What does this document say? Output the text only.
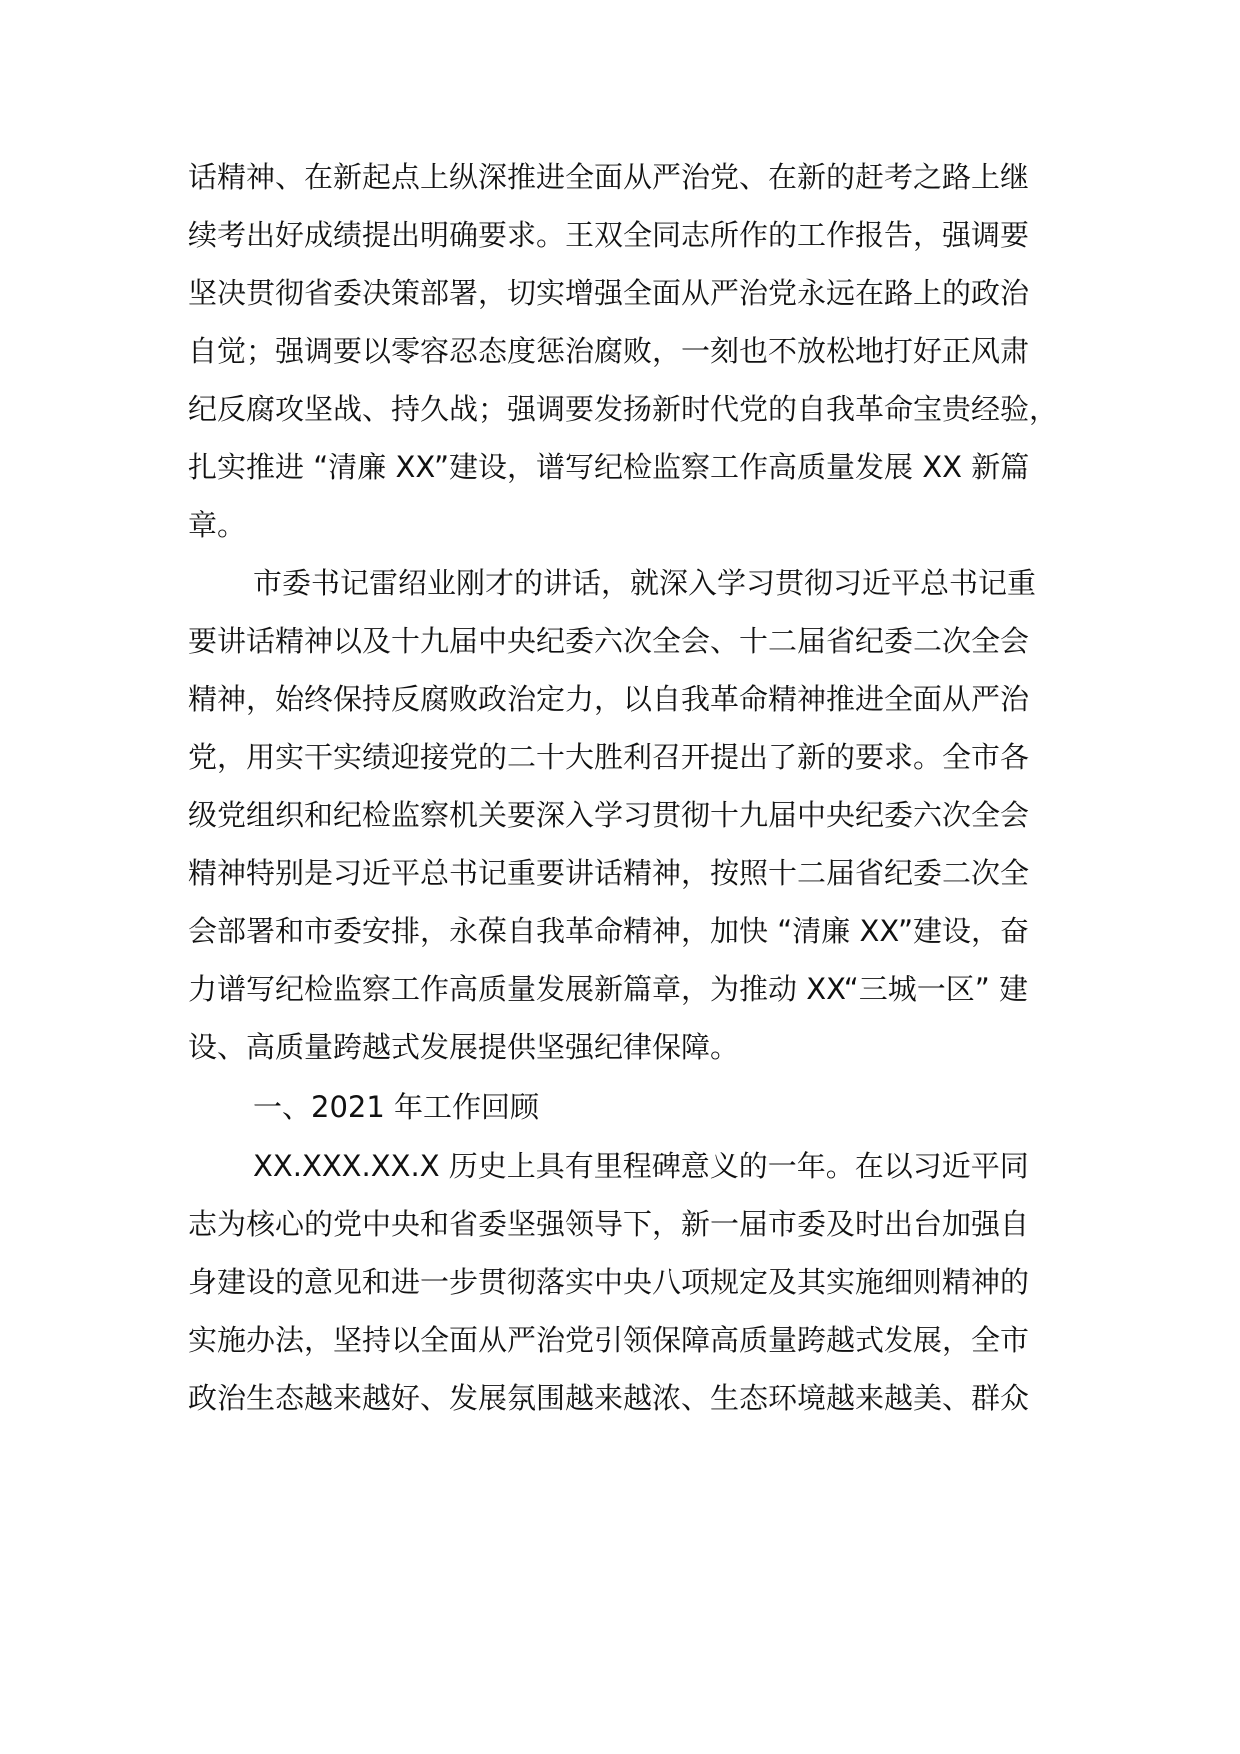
话精神、在新起点上纵深推进全面从严治党、在新的赶考之路上继
续考出好成绩提出明确要求。王双全同志所作的工作报告，强调要
坚决贯彻省委决策部署，切实增强全面从严治党永远在路上的政治
自觉；强调要以零容忍态度惩治腐败，一刻也不放松地打好正风肃
纪反腐攻坚战、持久战；强调要发扬新时代党的自我革命宝贵经验，
扎实推进 “清廉 XX”建设，谱写纪检监察工作高质量发展 XX 新篇
章。
市委书记雷绍业刚才的讲话，就深入学习贯彻习近平总书记重
要讲话精神以及十九届中央纪委六次全会、十二届省纪委二次全会
精神，始终保持反腐败政治定力，以自我革命精神推进全面从严治
党，用实干实绩迎接党的二十大胜利召开提出了新的要求。全市各
级党组织和纪检监察机关要深入学习贯彻十九届中央纪委六次全会
精神特别是习近平总书记重要讲话精神，按照十二届省纪委二次全
会部署和市委安排，永葆自我革命精神，加快 “清廉 XX”建设，奋
力谱写纪检监察工作高质量发展新篇章，为推动 XX“三城一区” 建
设、高质量跨越式发展提供坚强纪律保障。
一、2021 年工作回顾
XX.XXX.XX.X 历史上具有里程碑意义的一年。在以习近平同
志为核心的党中央和省委坚强领导下，新一届市委及时出台加强自
身建设的意见和进一步贯彻落实中央八项规定及其实施细则精神的
实施办法，坚持以全面从严治党引领保障高质量跨越式发展，全市
政治生态越来越好、发展氛围越来越浓、生态环境越来越美、群众
